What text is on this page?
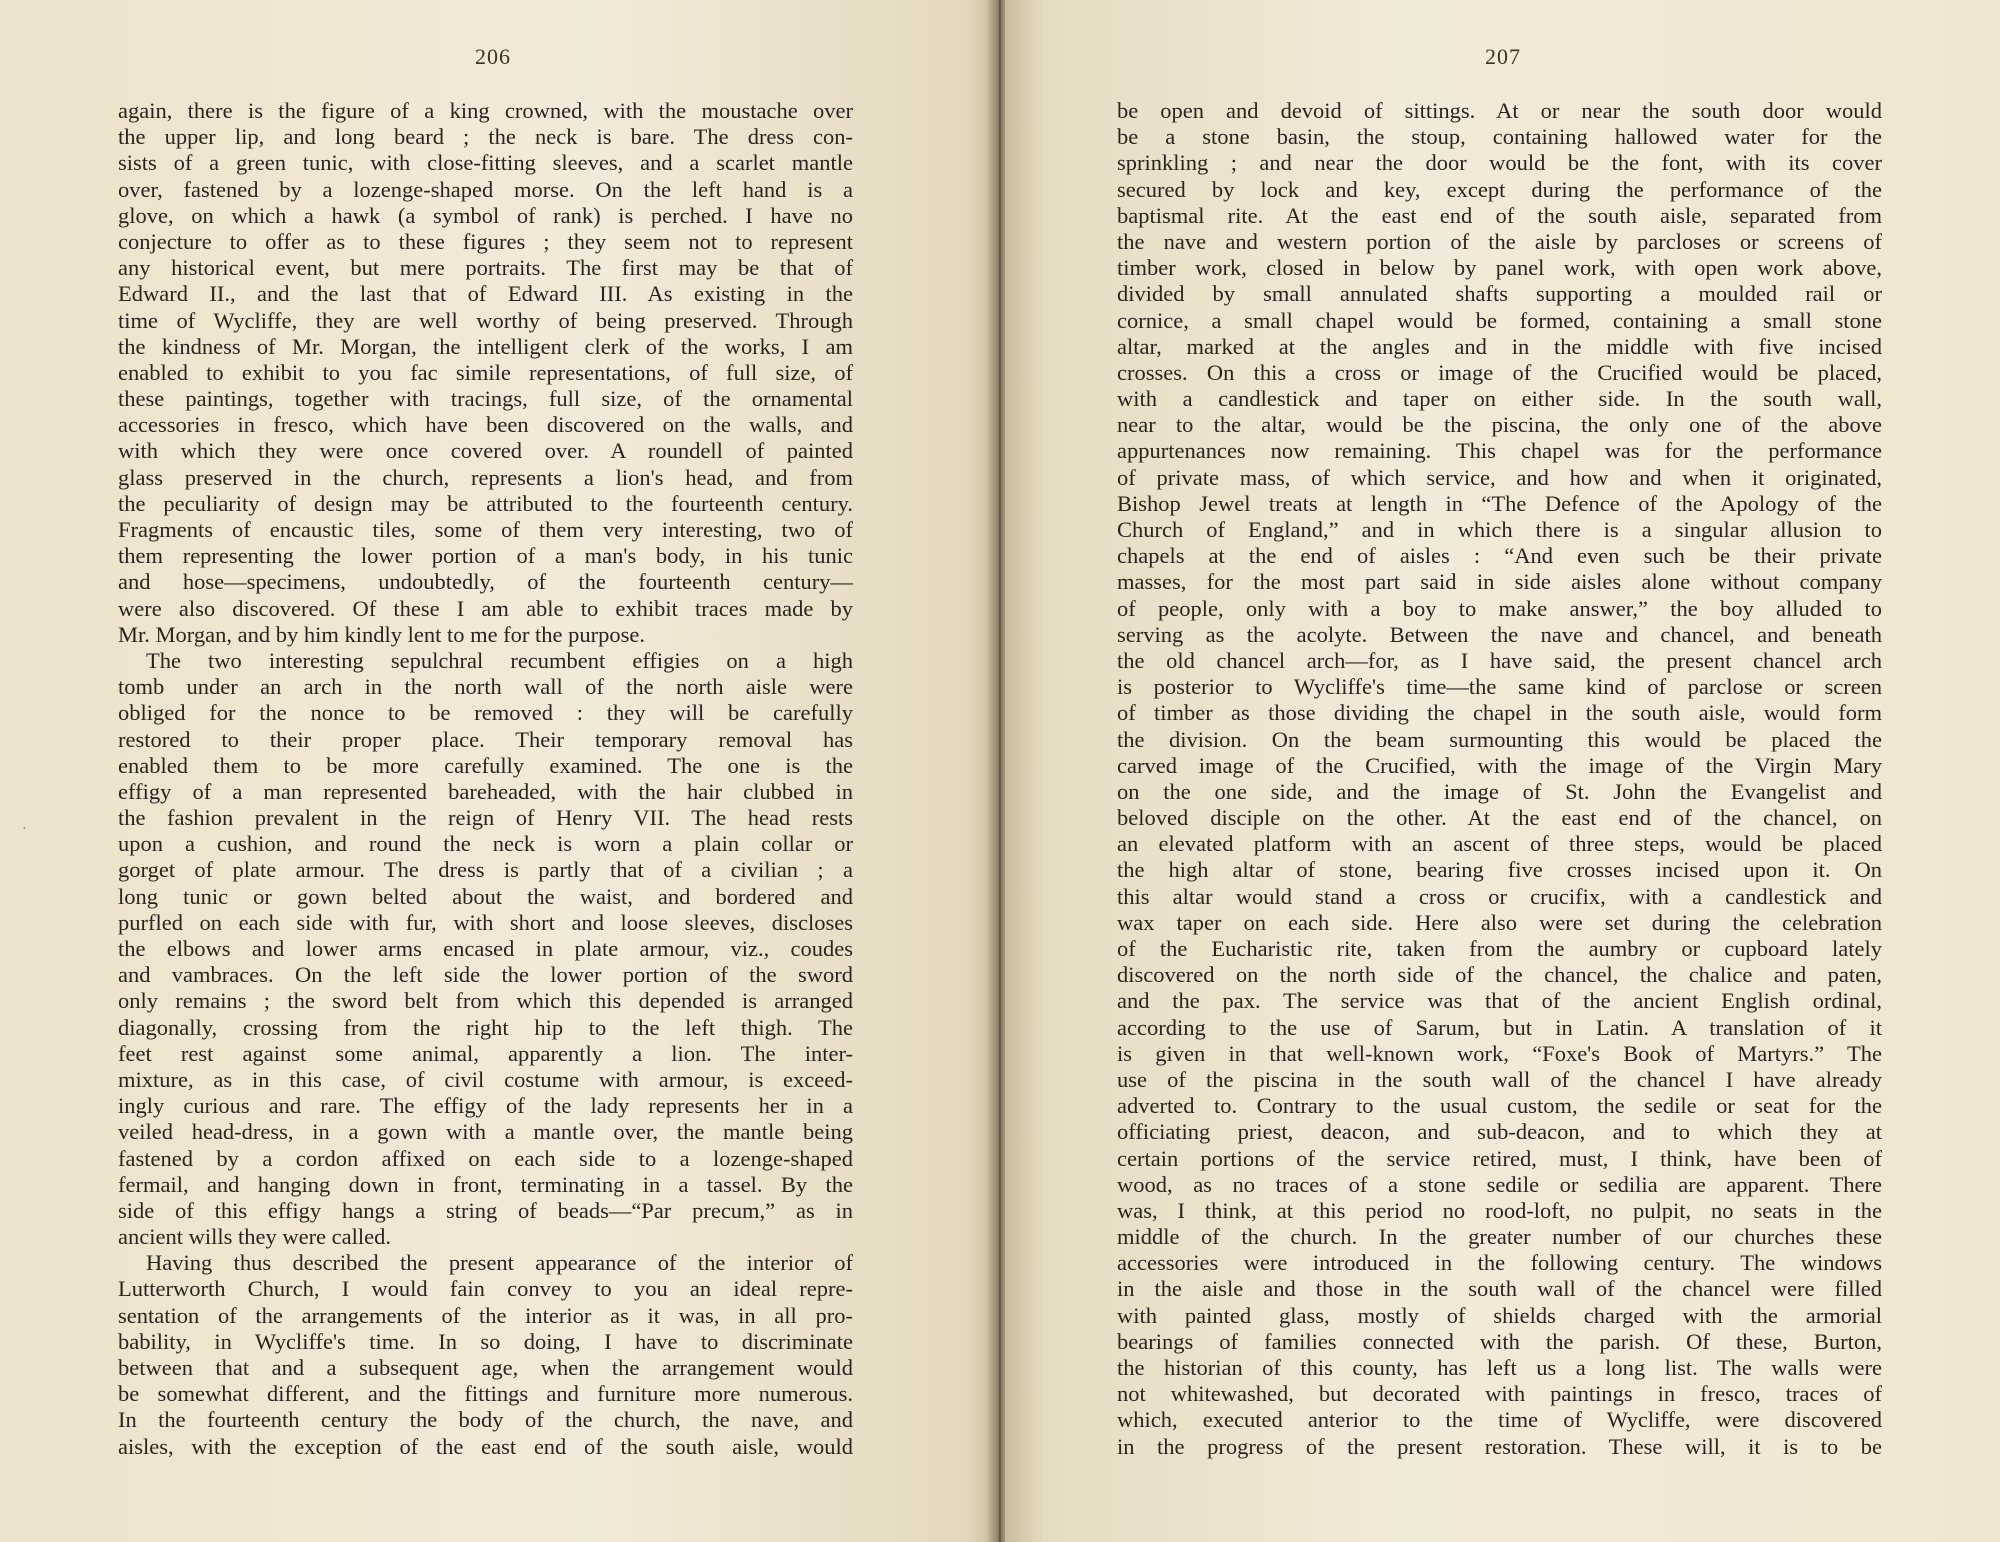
206
again, there is the figure of a king crowned, with the moustache over
the upper lip, and long beard ; the neck is bare. The dress con-
sists of a green tunic, with close-fitting sleeves, and a scarlet mantle
over, fastened by a lozenge-shaped morse. On the left hand is a
glove, on which a hawk (a symbol of rank) is perched. I have no
conjecture to offer as to these figures ; they seem not to represent
any historical event, but mere portraits. The first may be that of
Edward II., and the last that of Edward III. As existing in the
time of Wycliffe, they are well worthy of being preserved. Through
the kindness of Mr. Morgan, the intelligent clerk of the works, I am
enabled to exhibit to you fac simile representations, of full size, of
these paintings, together with tracings, full size, of the ornamental
accessories in fresco, which have been discovered on the walls, and
with which they were once covered over. A roundell of painted
glass preserved in the church, represents a lion's head, and from
the peculiarity of design may be attributed to the fourteenth century.
Fragments of encaustic tiles, some of them very interesting, two of
them representing the lower portion of a man's body, in his tunic
and hose—specimens, undoubtedly, of the fourteenth century—
were also discovered. Of these I am able to exhibit traces made by
Mr. Morgan, and by him kindly lent to me for the purpose.
The two interesting sepulchral recumbent effigies on a high
tomb under an arch in the north wall of the north aisle were
obliged for the nonce to be removed : they will be carefully
restored to their proper place. Their temporary removal has
enabled them to be more carefully examined. The one is the
effigy of a man represented bareheaded, with the hair clubbed in
the fashion prevalent in the reign of Henry VII. The head rests
upon a cushion, and round the neck is worn a plain collar or
gorget of plate armour. The dress is partly that of a civilian ; a
long tunic or gown belted about the waist, and bordered and
purfled on each side with fur, with short and loose sleeves, discloses
the elbows and lower arms encased in plate armour, viz., coudes
and vambraces. On the left side the lower portion of the sword
only remains ; the sword belt from which this depended is arranged
diagonally, crossing from the right hip to the left thigh. The
feet rest against some animal, apparently a lion. The inter-
mixture, as in this case, of civil costume with armour, is exceed-
ingly curious and rare. The effigy of the lady represents her in a
veiled head-dress, in a gown with a mantle over, the mantle being
fastened by a cordon affixed on each side to a lozenge-shaped
fermail, and hanging down in front, terminating in a tassel. By the
side of this effigy hangs a string of beads—“Par precum,” as in
ancient wills they were called.
Having thus described the present appearance of the interior of
Lutterworth Church, I would fain convey to you an ideal repre-
sentation of the arrangements of the interior as it was, in all pro-
bability, in Wycliffe's time. In so doing, I have to discriminate
between that and a subsequent age, when the arrangement would
be somewhat different, and the fittings and furniture more numerous.
In the fourteenth century the body of the church, the nave, and
aisles, with the exception of the east end of the south aisle, would
·
207
be open and devoid of sittings. At or near the south door would
be a stone basin, the stoup, containing hallowed water for the
sprinkling ; and near the door would be the font, with its cover
secured by lock and key, except during the performance of the
baptismal rite. At the east end of the south aisle, separated from
the nave and western portion of the aisle by parcloses or screens of
timber work, closed in below by panel work, with open work above,
divided by small annulated shafts supporting a moulded rail or
cornice, a small chapel would be formed, containing a small stone
altar, marked at the angles and in the middle with five incised
crosses. On this a cross or image of the Crucified would be placed,
with a candlestick and taper on either side. In the south wall,
near to the altar, would be the piscina, the only one of the above
appurtenances now remaining. This chapel was for the performance
of private mass, of which service, and how and when it originated,
Bishop Jewel treats at length in “The Defence of the Apology of the
Church of England,” and in which there is a singular allusion to
chapels at the end of aisles : “And even such be their private
masses, for the most part said in side aisles alone without company
of people, only with a boy to make answer,” the boy alluded to
serving as the acolyte. Between the nave and chancel, and beneath
the old chancel arch—for, as I have said, the present chancel arch
is posterior to Wycliffe's time—the same kind of parclose or screen
of timber as those dividing the chapel in the south aisle, would form
the division. On the beam surmounting this would be placed the
carved image of the Crucified, with the image of the Virgin Mary
on the one side, and the image of St. John the Evangelist and
beloved disciple on the other. At the east end of the chancel, on
an elevated platform with an ascent of three steps, would be placed
the high altar of stone, bearing five crosses incised upon it. On
this altar would stand a cross or crucifix, with a candlestick and
wax taper on each side. Here also were set during the celebration
of the Eucharistic rite, taken from the aumbry or cupboard lately
discovered on the north side of the chancel, the chalice and paten,
and the pax. The service was that of the ancient English ordinal,
according to the use of Sarum, but in Latin. A translation of it
is given in that well-known work, “Foxe's Book of Martyrs.” The
use of the piscina in the south wall of the chancel I have already
adverted to. Contrary to the usual custom, the sedile or seat for the
officiating priest, deacon, and sub-deacon, and to which they at
certain portions of the service retired, must, I think, have been of
wood, as no traces of a stone sedile or sedilia are apparent. There
was, I think, at this period no rood-loft, no pulpit, no seats in the
middle of the church. In the greater number of our churches these
accessories were introduced in the following century. The windows
in the aisle and those in the south wall of the chancel were filled
with painted glass, mostly of shields charged with the armorial
bearings of families connected with the parish. Of these, Burton,
the historian of this county, has left us a long list. The walls were
not whitewashed, but decorated with paintings in fresco, traces of
which, executed anterior to the time of Wycliffe, were discovered
in the progress of the present restoration. These will, it is to be
